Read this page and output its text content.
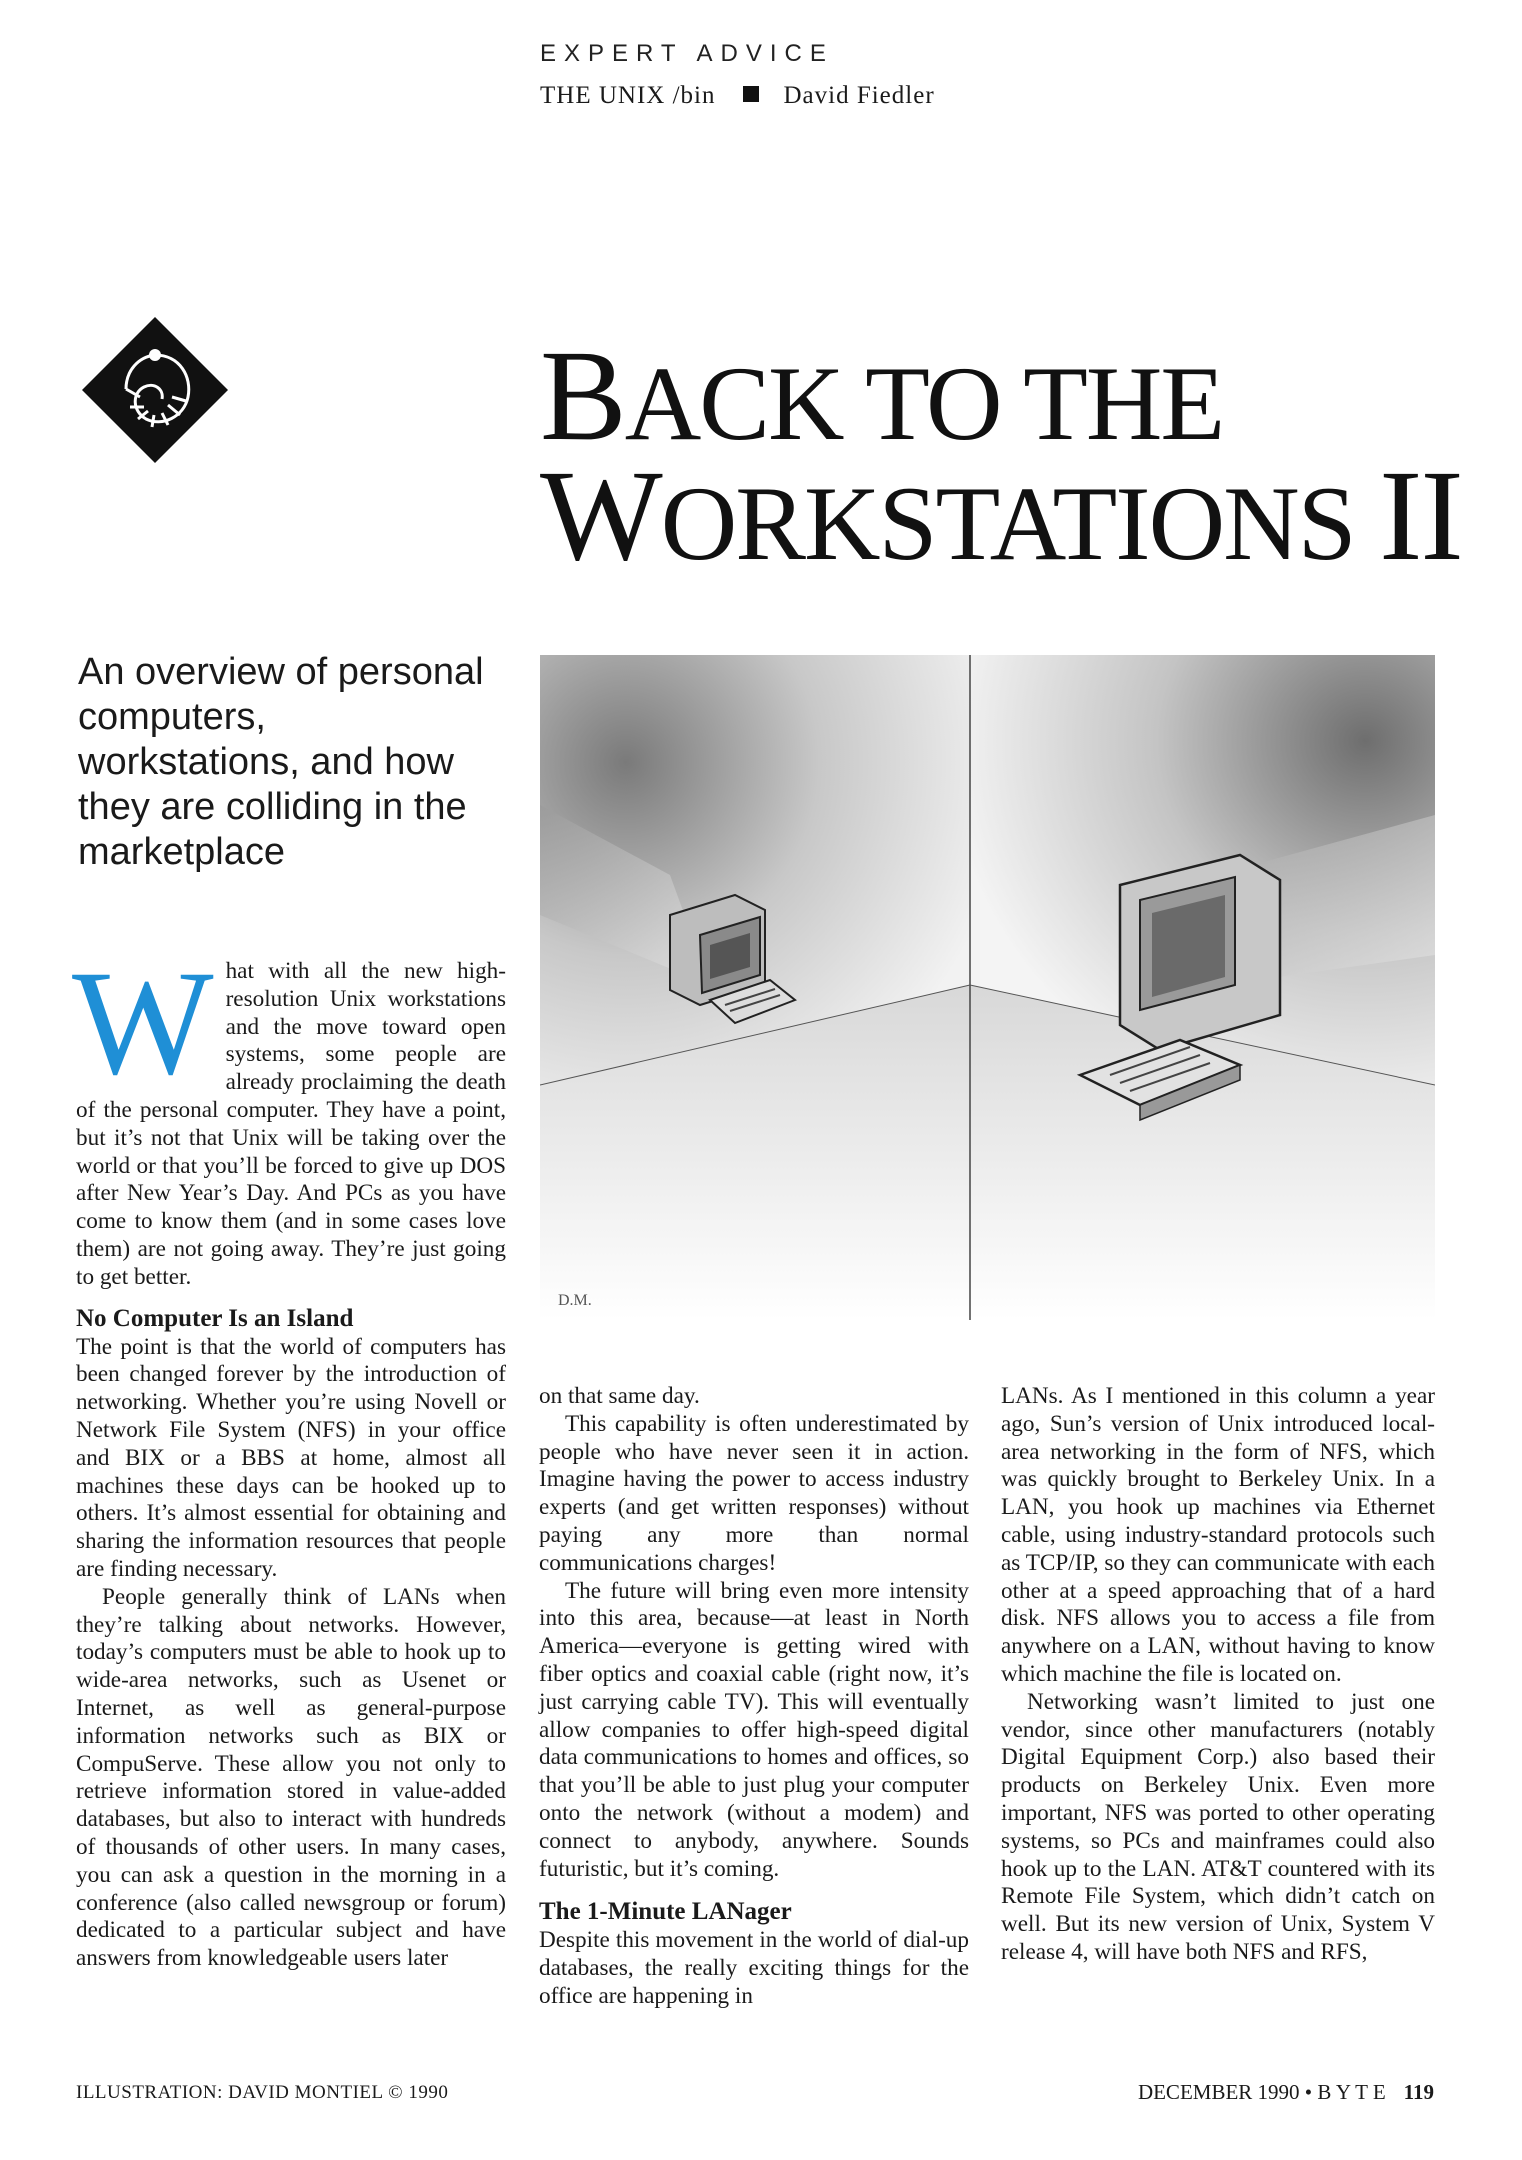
EXPERT ADVICE
THE UNIX /bin	David Fiedler
BACK TO THE
WORKSTATIONS II
An overview of personal computers, workstations, and how they are colliding in the marketplace
D.M.

What with all the new high-resolution Unix workstations and the move toward open systems, some people are already proclaiming the death of the personal computer. They have a point, but it’s not that Unix will be taking over the world or that you’ll be forced to give up DOS after New Year’s Day. And PCs as you have come to know them (and in some cases love them) are not going away. They’re just going to get better.

No Computer Is an Island

The point is that the world of computers has been changed forever by the introduction of networking. Whether you’re using Novell or Network File System (NFS) in your office and BIX or a BBS at home, almost all machines these days can be hooked up to others. It’s almost essential for obtaining and sharing the information resources that people are finding necessary.

People generally think of LANs when they’re talking about networks. However, today’s computers must be able to hook up to wide-area networks, such as Usenet or Internet, as well as general-purpose information networks such as BIX or CompuServe. These allow you not only to retrieve information stored in value-added databases, but also to interact with hundreds of thousands of other users. In many cases, you can ask a question in the morning in a conference (also called newsgroup or forum) dedicated to a particular subject and have answers from knowledgeable users later

on that same day.

This capability is often underestimated by people who have never seen it in action. Imagine having the power to access industry experts (and get written responses) without paying any more than normal communications charges!

The future will bring even more intensity into this area, because—at least in North America—everyone is getting wired with fiber optics and coaxial cable (right now, it’s just carrying cable TV). This will eventually allow companies to offer high-speed digital data communications to homes and offices, so that you’ll be able to just plug your computer onto the network (without a modem) and connect to anybody, anywhere. Sounds futuristic, but it’s coming.

The 1-Minute LANager

Despite this movement in the world of dial-up databases, the really exciting things for the office are happening in

LANs. As I mentioned in this column a year ago, Sun’s version of Unix introduced local-area networking in the form of NFS, which was quickly brought to Berkeley Unix. In a LAN, you hook up machines via Ethernet cable, using industry-standard protocols such as TCP/IP, so they can communicate with each other at a speed approaching that of a hard disk. NFS allows you to access a file from anywhere on a LAN, without having to know which machine the file is located on.

Networking wasn’t limited to just one vendor, since other manufacturers (notably Digital Equipment Corp.) also based their products on Berkeley Unix. Even more important, NFS was ported to other operating systems, so PCs and mainframes could also hook up to the LAN. AT&T countered with its Remote File System, which didn’t catch on well. But its new version of Unix, System V release 4, will have both NFS and RFS,

ILLUSTRATION: DAVID MONTIEL © 1990	DECEMBER 1990 • B Y T E 119
